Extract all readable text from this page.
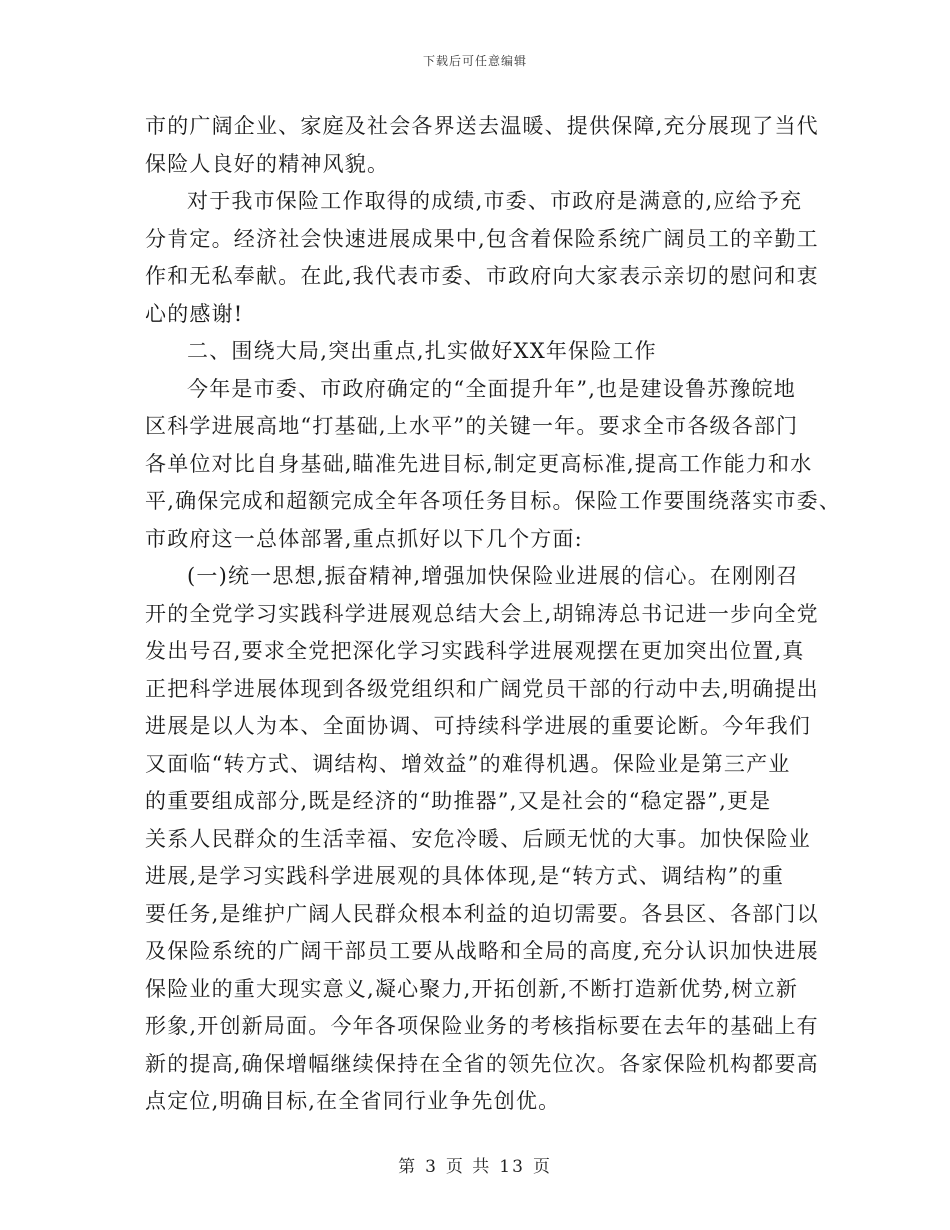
下载后可任意编辑
市的广阔企业、家庭及社会各界送去温暖、提供保障,充分展现了当代
保险人良好的精神风貌。
对于我市保险工作取得的成绩,市委、市政府是满意的,应给予充
分肯定。经济社会快速进展成果中,包含着保险系统广阔员工的辛勤工
作和无私奉献。在此,我代表市委、市政府向大家表示亲切的慰问和衷
心的感谢!
二、围绕大局,突出重点,扎实做好XX年保险工作
今年是市委、市政府确定的“全面提升年”,也是建设鲁苏豫皖地
区科学进展高地“打基础,上水平”的关键一年。要求全市各级各部门
各单位对比自身基础,瞄准先进目标,制定更高标准,提高工作能力和水
平,确保完成和超额完成全年各项任务目标。保险工作要围绕落实市委、
市政府这一总体部署,重点抓好以下几个方面:
(一)统一思想,振奋精神,增强加快保险业进展的信心。在刚刚召
开的全党学习实践科学进展观总结大会上,胡锦涛总书记进一步向全党
发出号召,要求全党把深化学习实践科学进展观摆在更加突出位置,真
正把科学进展体现到各级党组织和广阔党员干部的行动中去,明确提出
进展是以人为本、全面协调、可持续科学进展的重要论断。今年我们
又面临“转方式、调结构、增效益”的难得机遇。保险业是第三产业
的重要组成部分,既是经济的“助推器”,又是社会的“稳定器”,更是
关系人民群众的生活幸福、安危冷暖、后顾无忧的大事。加快保险业
进展,是学习实践科学进展观的具体体现,是“转方式、调结构”的重
要任务,是维护广阔人民群众根本利益的迫切需要。各县区、各部门以
及保险系统的广阔干部员工要从战略和全局的高度,充分认识加快进展
保险业的重大现实意义,凝心聚力,开拓创新,不断打造新优势,树立新
形象,开创新局面。今年各项保险业务的考核指标要在去年的基础上有
新的提高,确保增幅继续保持在全省的领先位次。各家保险机构都要高
点定位,明确目标,在全省同行业争先创优。
第 3 页 共 13 页
